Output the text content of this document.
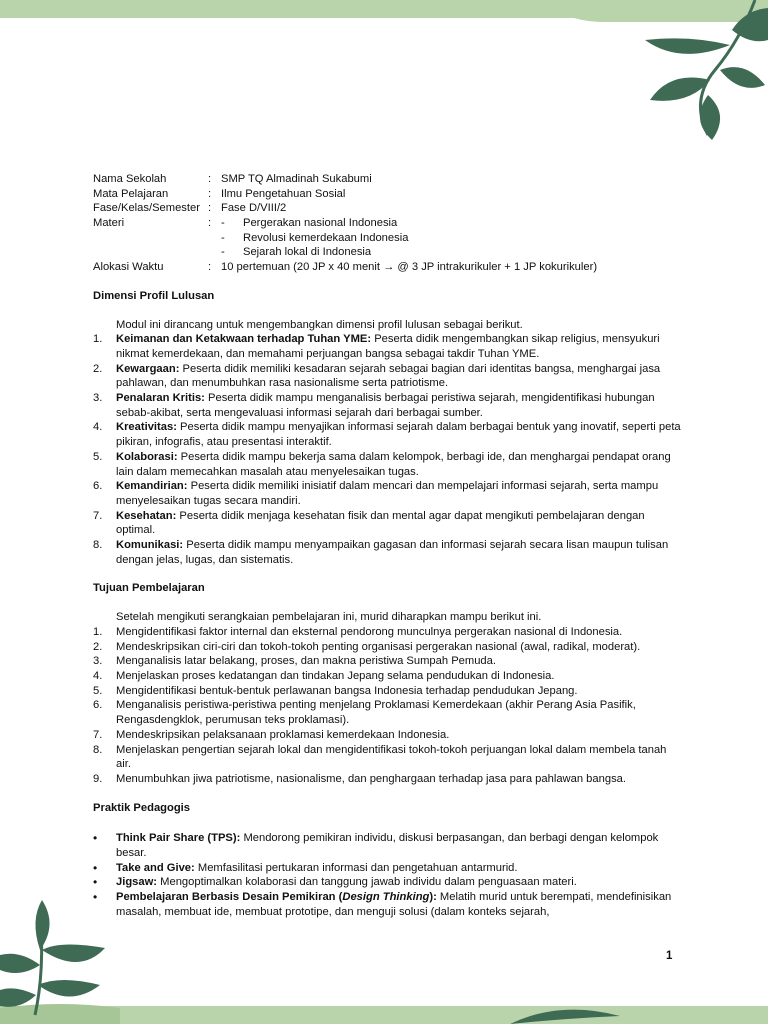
Nama Sekolah	: SMP TQ Almadinah Sukabumi
Mata Pelajaran	: Ilmu Pengetahuan Sosial
Fase/Kelas/Semester : Fase D/VIII/2
Materi	: - Pergerakan nasional Indonesia
- Revolusi kemerdekaan Indonesia
- Sejarah lokal di Indonesia
Alokasi Waktu	: 10 pertemuan (20 JP x 40 menit → @ 3 JP intrakurikuler + 1 JP kokurikuler)
Dimensi Profil Lulusan
Modul ini dirancang untuk mengembangkan dimensi profil lulusan sebagai berikut.
1. Keimanan dan Ketakwaan terhadap Tuhan YME: Peserta didik mengembangkan sikap religius, mensyukuri nikmat kemerdekaan, dan memahami perjuangan bangsa sebagai takdir Tuhan YME.
2. Kewargaan: Peserta didik memiliki kesadaran sejarah sebagai bagian dari identitas bangsa, menghargai jasa pahlawan, dan menumbuhkan rasa nasionalisme serta patriotisme.
3. Penalaran Kritis: Peserta didik mampu menganalisis berbagai peristiwa sejarah, mengidentifikasi hubungan sebab-akibat, serta mengevaluasi informasi sejarah dari berbagai sumber.
4. Kreativitas: Peserta didik mampu menyajikan informasi sejarah dalam berbagai bentuk yang inovatif, seperti peta pikiran, infografis, atau presentasi interaktif.
5. Kolaborasi: Peserta didik mampu bekerja sama dalam kelompok, berbagi ide, dan menghargai pendapat orang lain dalam memecahkan masalah atau menyelesaikan tugas.
6. Kemandirian: Peserta didik memiliki inisiatif dalam mencari dan mempelajari informasi sejarah, serta mampu menyelesaikan tugas secara mandiri.
7. Kesehatan: Peserta didik menjaga kesehatan fisik dan mental agar dapat mengikuti pembelajaran dengan optimal.
8. Komunikasi: Peserta didik mampu menyampaikan gagasan dan informasi sejarah secara lisan maupun tulisan dengan jelas, lugas, dan sistematis.
Tujuan Pembelajaran
Setelah mengikuti serangkaian pembelajaran ini, murid diharapkan mampu berikut ini.
1. Mengidentifikasi faktor internal dan eksternal pendorong munculnya pergerakan nasional di Indonesia.
2. Mendeskripsikan ciri-ciri dan tokoh-tokoh penting organisasi pergerakan nasional (awal, radikal, moderat).
3. Menganalisis latar belakang, proses, dan makna peristiwa Sumpah Pemuda.
4. Menjelaskan proses kedatangan dan tindakan Jepang selama pendudukan di Indonesia.
5. Mengidentifikasi bentuk-bentuk perlawanan bangsa Indonesia terhadap pendudukan Jepang.
6. Menganalisis peristiwa-peristiwa penting menjelang Proklamasi Kemerdekaan (akhir Perang Asia Pasifik, Rengasdengklok, perumusan teks proklamasi).
7. Mendeskripsikan pelaksanaan proklamasi kemerdekaan Indonesia.
8. Menjelaskan pengertian sejarah lokal dan mengidentifikasi tokoh-tokoh perjuangan lokal dalam membela tanah air.
9. Menumbuhkan jiwa patriotisme, nasionalisme, dan penghargaan terhadap jasa para pahlawan bangsa.
Praktik Pedagogis
• Think Pair Share (TPS): Mendorong pemikiran individu, diskusi berpasangan, dan berbagi dengan kelompok besar.
• Take and Give: Memfasilitasi pertukaran informasi dan pengetahuan antarmurid.
• Jigsaw: Mengoptimalkan kolaborasi dan tanggung jawab individu dalam penguasaan materi.
• Pembelajaran Berbasis Desain Pemikiran (Design Thinking): Melatih murid untuk berempati, mendefinisikan masalah, membuat ide, membuat prototipe, dan menguji solusi (dalam konteks sejarah,
1
